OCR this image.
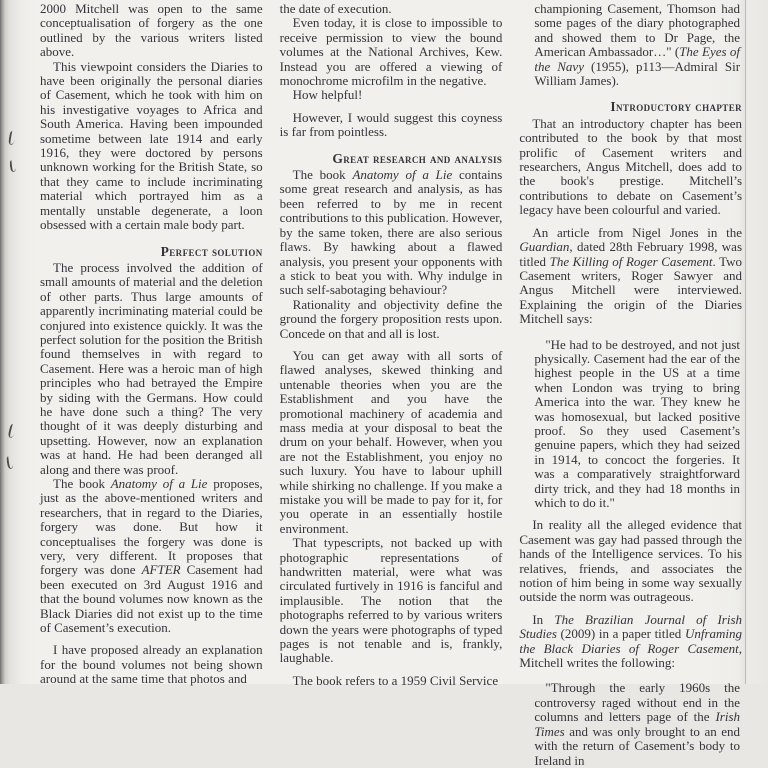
2000 Mitchell was open to the same conceptualisation of forgery as the one outlined by the various writers listed above.

This viewpoint considers the Diaries to have been originally the personal diaries of Casement, which he took with him on his investigative voyages to Africa and South America. Having been impounded sometime between late 1914 and early 1916, they were doctored by persons unknown working for the British State, so that they came to include incriminating material which portrayed him as a mentally unstable degenerate, a loon obsessed with a certain male body part.

Perfect solution

The process involved the addition of small amounts of material and the deletion of other parts. Thus large amounts of apparently incriminating material could be conjured into existence quickly. It was the perfect solution for the position the British found themselves in with regard to Casement. Here was a heroic man of high principles who had betrayed the Empire by siding with the Germans. How could he have done such a thing? The very thought of it was deeply disturbing and upsetting. However, now an explanation was at hand. He had been deranged all along and there was proof.

The book Anatomy of a Lie proposes, just as the above-mentioned writers and researchers, that in regard to the Diaries, forgery was done. But how it conceptualises the forgery was done is very, very different. It proposes that forgery was done AFTER Casement had been executed on 3rd August 1916 and that the bound volumes now known as the Black Diaries did not exist up to the time of Casement’s execution.

I have proposed already an explanation for the bound volumes not being shown around at the same time that photos and

the date of execution.

Even today, it is close to impossible to receive permission to view the bound volumes at the National Archives, Kew. Instead you are offered a viewing of monochrome microfilm in the negative.

How helpful!

However, I would suggest this coyness is far from pointless.

Great research and analysis

The book Anatomy of a Lie contains some great research and analysis, as has been referred to by me in recent contributions to this publication. However, by the same token, there are also serious flaws. By hawking about a flawed analysis, you present your opponents with a stick to beat you with. Why indulge in such self-sabotaging behaviour?

Rationality and objectivity define the ground the forgery proposition rests upon. Concede on that and all is lost.

You can get away with all sorts of flawed analyses, skewed thinking and untenable theories when you are the Establishment and you have the promotional machinery of academia and mass media at your disposal to beat the drum on your behalf. However, when you are not the Establishment, you enjoy no such luxury. You have to labour uphill while shirking no challenge. If you make a mistake you will be made to pay for it, for you operate in an essentially hostile environment.

That typescripts, not backed up with photographic representations of handwritten material, were what was circulated furtively in 1916 is fanciful and implausible. The notion that the photographs referred to by various writers down the years were photographs of typed pages is not tenable and is, frankly, laughable.

The book refers to a 1959 Civil Service

championing Casement, Thomson had some pages of the diary photographed and showed them to Dr Page, the American Ambassador…" (The Eyes of the Navy (1955), p113—Admiral Sir William James).
Introductory chapter

That an introductory chapter has been contributed to the book by that most prolific of Casement writers and researchers, Angus Mitchell, does add to the book's prestige. Mitchell’s contributions to debate on Casement’s legacy have been colourful and varied.

An article from Nigel Jones in the Guardian, dated 28th February 1998, was titled The Killing of Roger Casement. Two Casement writers, Roger Sawyer and Angus Mitchell were interviewed. Explaining the origin of the Diaries Mitchell says:

"He had to be destroyed, and not just physically. Casement had the ear of the highest people in the US at a time when London was trying to bring America into the war. They knew he was homosexual, but lacked positive proof. So they used Casement’s genuine papers, which they had seized in 1914, to concoct the forgeries. It was a comparatively straightforward dirty trick, and they had 18 months in which to do it."

In reality all the alleged evidence that Casement was gay had passed through the hands of the Intelligence services. To his relatives, friends, and associates the notion of him being in some way sexually outside the norm was outrageous.

In The Brazilian Journal of Irish Studies (2009) in a paper titled Unframing the Black Diaries of Roger Casement, Mitchell writes the following:

"Through the early 1960s the controversy raged without end in the columns and letters page of the Irish Times and was only brought to an end with the return of Casement’s body to Ireland in
